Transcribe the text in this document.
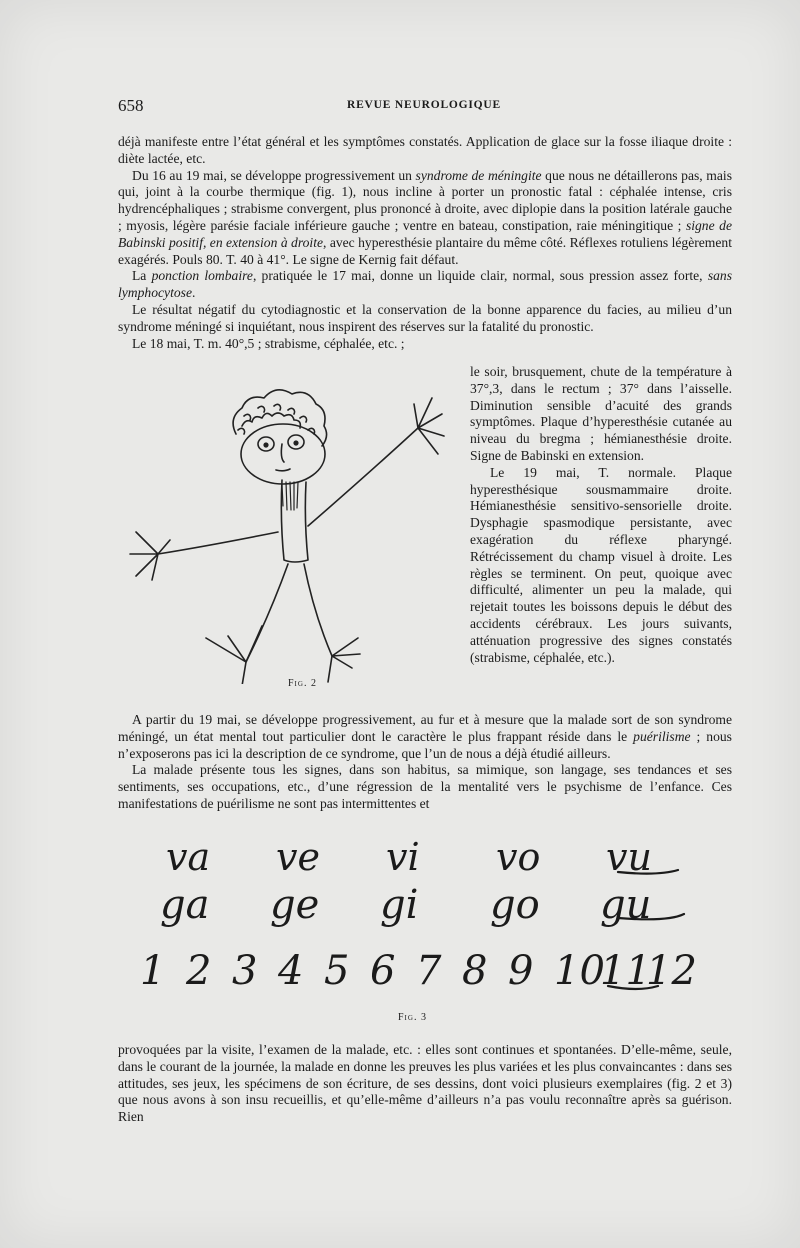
658	REVUE NEUROLOGIQUE

déjà manifeste entre l’état général et les symptômes constatés. Application de glace sur la fosse iliaque droite : diète lactée, etc.

Du 16 au 19 mai, se développe progressivement un syndrome de méningite que nous ne détaillerons pas, mais qui, joint à la courbe thermique (fig. 1), nous incline à porter un pronostic fatal : céphalée intense, cris hydrencéphaliques ; strabisme convergent, plus prononcé à droite, avec diplopie dans la position latérale gauche ; myosis, légère parésie faciale inférieure gauche ; ventre en bateau, constipation, raie méningitique ; signe de Babinski positif, en extension à droite, avec hyperesthésie plantaire du même côté. Réflexes rotuliens légèrement exagérés. Pouls 80. T. 40 à 41°. Le signe de Kernig fait défaut.

La ponction lombaire, pratiquée le 17 mai, donne un liquide clair, normal, sous pression assez forte, sans lymphocytose.

Le résultat négatif du cytodiagnostic et la conservation de la bonne apparence du facies, au milieu d’un syndrome méningé si inquiétant, nous inspirent des réserves sur la fatalité du pronostic.

Le 18 mai, T. m. 40°,5 ; strabisme, céphalée, etc. ;

Fig. 2

le soir, brusquement, chute de la température à 37°,3, dans le rectum ; 37° dans l’aisselle. Diminution sensible d’acuité des grands symptômes. Plaque d’hyperesthésie cutanée au niveau du bregma ; hémianesthésie droite. Signe de Babinski en extension.

Le 19 mai, T. normale. Plaque hyperesthésique sousmammaire droite. Hémianesthésie sensitivo-sensorielle droite. Dysphagie spasmodique persistante, avec exagération du réflexe pharyngé. Rétrécissement du champ visuel à droite. Les règles se terminent. On peut, quoique avec difficulté, alimenter un peu la malade, qui rejetait toutes les boissons depuis le début des accidents cérébraux. Les jours suivants, atténuation progressive des signes constatés (strabisme, céphalée, etc.).

A partir du 19 mai, se développe progressivement, au fur et à mesure que la malade sort de son syndrome méningé, un état mental tout particulier dont le caractère le plus frappant réside dans le puérilisme ; nous n’exposerons pas ici la description de ce syndrome, que l’un de nous a déjà étudié ailleurs.

La malade présente tous les signes, dans son habitus, sa mimique, son langage, ses tendances et ses sentiments, ses occupations, etc., d’une régression de la mentalité vers le psychisme de l’enfance. Ces manifestations de puérilisme ne sont pas intermittentes et

va ve vi vo vu
ga ge gi go gu
1 2 3 4 5 6 7 8 9 10
11
12
Fig. 3

provoquées par la visite, l’examen de la malade, etc. : elles sont continues et spontanées. D’elle-même, seule, dans le courant de la journée, la malade en donne les preuves les plus variées et les plus convaincantes : dans ses attitudes, ses jeux, les spécimens de son écriture, de ses dessins, dont voici plusieurs exemplaires (fig. 2 et 3) que nous avons à son insu recueillis, et qu’elle-même d’ailleurs n’a pas voulu reconnaître après sa guérison. Rien
